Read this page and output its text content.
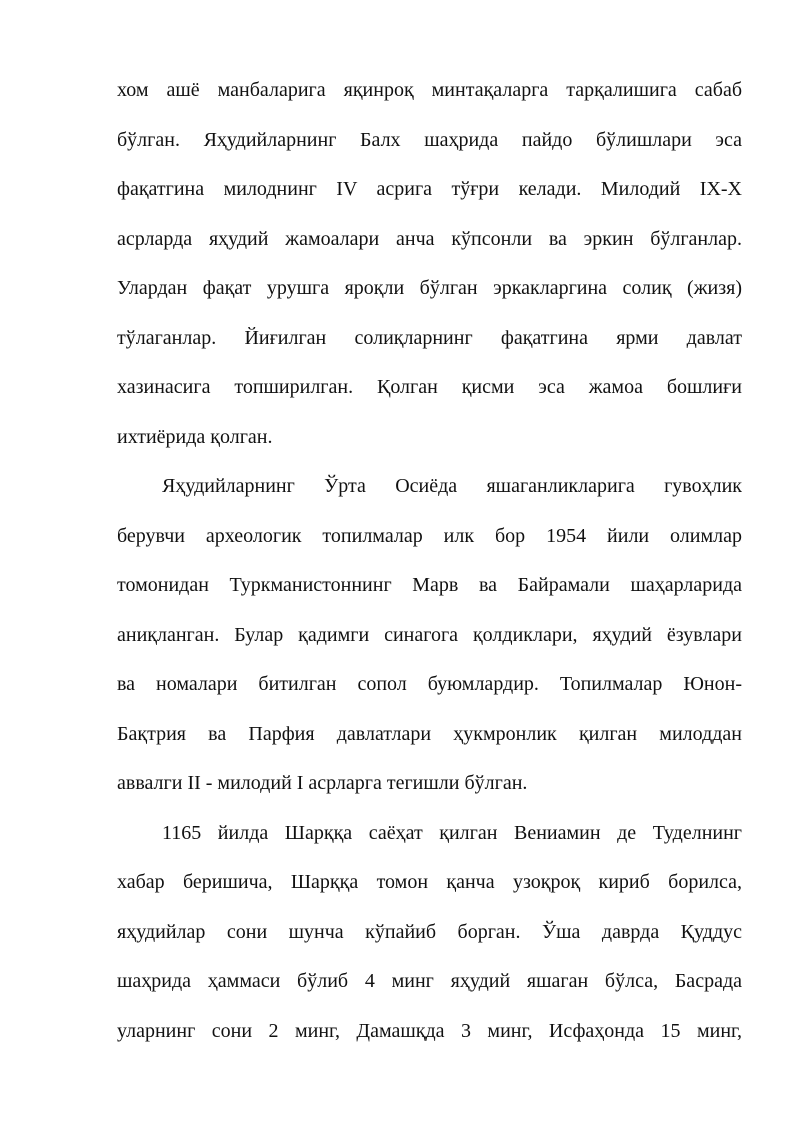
хом ашё манбаларига яқинроқ минтақаларга тарқалишига сабаб
бўлган. Яҳудийларнинг Балх шаҳрида пайдо бўлишлари эса
фақатгина милоднинг IV асрига тўғри келади. Милодий IX-X
асрларда яҳудий жамоалари анча кўпсонли ва эркин бўлганлар.
Улардан фақат урушга яроқли бўлган эркакларгина солиқ (жизя)
тўлаганлар. Йиғилган солиқларнинг фақатгина ярми давлат
хазинасига топширилган. Қолган қисми эса жамоа бошлиғи
ихтиёрида қолган.
Яҳудийларнинг Ўрта Осиёда яшаганликларига гувоҳлик
берувчи археологик топилмалар илк бор 1954 йили олимлар
томонидан Туркманистоннинг Марв ва Байрамали шаҳарларида
аниқланган. Булар қадимги синагога қолдиклари, яҳудий ёзувлари
ва номалари битилган сопол буюмлардир. Топилмалар Юнон-
Бақтрия ва Парфия давлатлари ҳукмронлик қилган милоддан
аввалги II - милодий I асрларга тегишли бўлган.
1165 йилда Шарққа саёҳат қилган Вениамин де Туделнинг
хабар беришича, Шарққа томон қанча узоқроқ кириб борилса,
яҳудийлар сони шунча кўпайиб борган. Ўша даврда Қуддус
шаҳрида ҳаммаси бўлиб 4 минг яҳудий яшаган бўлса, Басрада
уларнинг сони 2 минг, Дамашқда 3 минг, Исфаҳонда 15 минг,
